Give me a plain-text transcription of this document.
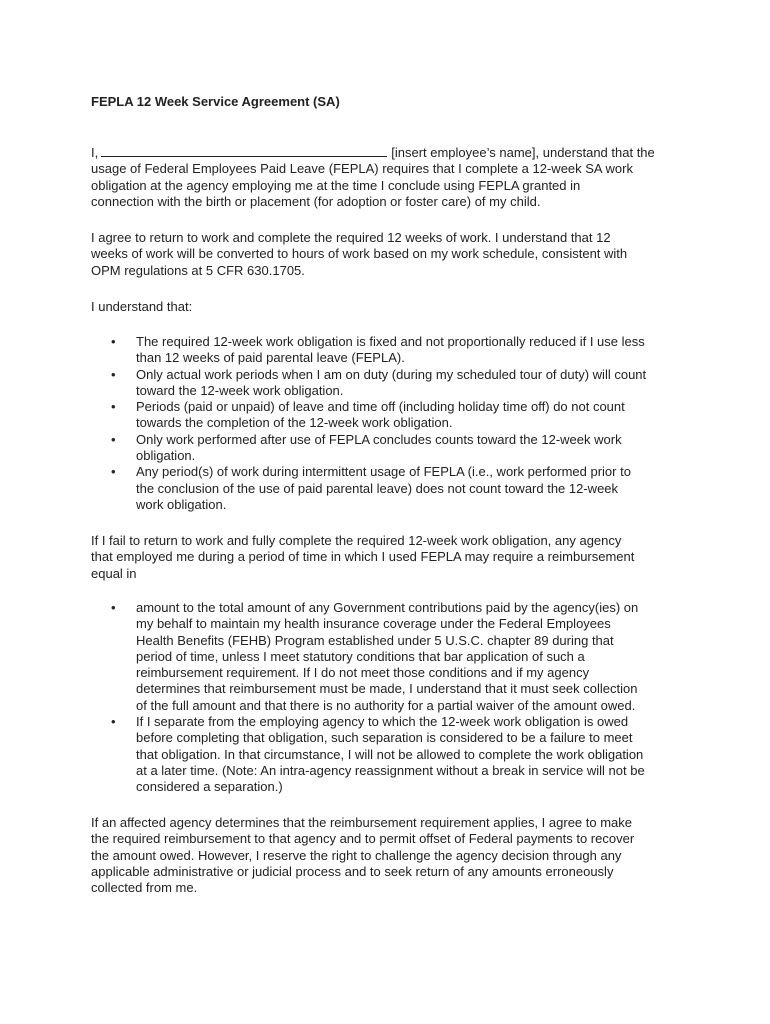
FEPLA 12 Week Service Agreement (SA)
I,	[insert employee’s name], understand that the
usage of Federal Employees Paid Leave (FEPLA) requires that I complete a 12-week SA work
obligation at the agency employing me at the time I conclude using FEPLA granted in
connection with the birth or placement (for adoption or foster care) of my child.
I agree to return to work and complete the required 12 weeks of work. I understand that 12
weeks of work will be converted to hours of work based on my work schedule, consistent with
OPM regulations at 5 CFR 630.1705.
I understand that:
• The required 12-week work obligation is fixed and not proportionally reduced if I use less
than 12 weeks of paid parental leave (FEPLA).
• Only actual work periods when I am on duty (during my scheduled tour of duty) will count
toward the 12-week work obligation.
• Periods (paid or unpaid) of leave and time off (including holiday time off) do not count
towards the completion of the 12-week work obligation.
• Only work performed after use of FEPLA concludes counts toward the 12-week work
obligation.
• Any period(s) of work during intermittent usage of FEPLA (i.e., work performed prior to
the conclusion of the use of paid parental leave) does not count toward the 12-week
work obligation.
If I fail to return to work and fully complete the required 12-week work obligation, any agency
that employed me during a period of time in which I used FEPLA may require a reimbursement
equal in
• amount to the total amount of any Government contributions paid by the agency(ies) on
my behalf to maintain my health insurance coverage under the Federal Employees
Health Benefits (FEHB) Program established under 5 U.S.C. chapter 89 during that
period of time, unless I meet statutory conditions that bar application of such a
reimbursement requirement. If I do not meet those conditions and if my agency
determines that reimbursement must be made, I understand that it must seek collection
of the full amount and that there is no authority for a partial waiver of the amount owed.
• If I separate from the employing agency to which the 12-week work obligation is owed
before completing that obligation, such separation is considered to be a failure to meet
that obligation. In that circumstance, I will not be allowed to complete the work obligation
at a later time. (Note: An intra-agency reassignment without a break in service will not be
considered a separation.)
If an affected agency determines that the reimbursement requirement applies, I agree to make
the required reimbursement to that agency and to permit offset of Federal payments to recover
the amount owed. However, I reserve the right to challenge the agency decision through any
applicable administrative or judicial process and to seek return of any amounts erroneously
collected from me.
